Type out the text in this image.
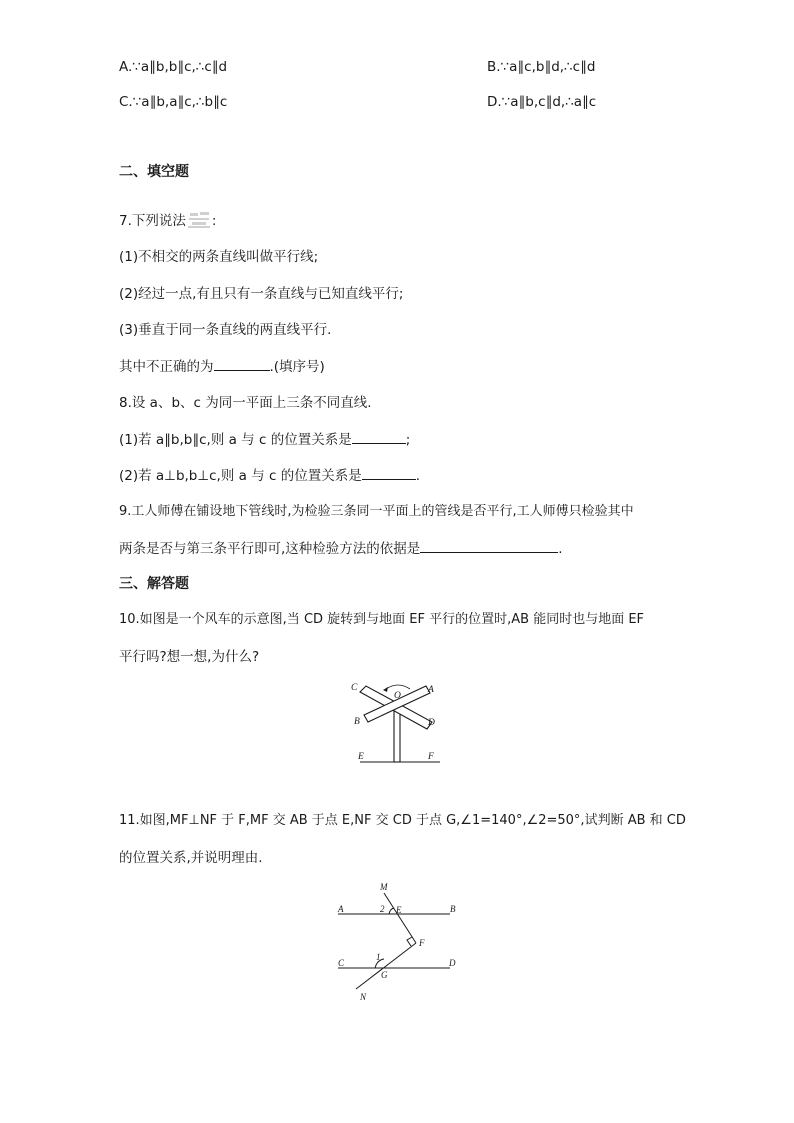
A.∵a∥b,b∥c,∴c∥d	B.∵a∥c,b∥d,∴c∥d
C.∵a∥b,a∥c,∴b∥c	D.∵a∥b,c∥d,∴a∥c
二、填空题
7.下列说法 :
(1)不相交的两条直线叫做平行线;
(2)经过一点,有且只有一条直线与已知直线平行;
(3)垂直于同一条直线的两直线平行.
其中不正确的为	.(填序号)
8.设 a、b、c 为同一平面上三条不同直线.
(1)若 a∥b,b∥c,则 a 与 c 的位置关系是	;
(2)若 a⊥b,b⊥c,则 a 与 c 的位置关系是	.
9.工人师傅在铺设地下管线时,为检验三条同一平面上的管线是否平行,工人师傅只检验其中
两条是否与第三条平行即可,这种检验方法的依据是	.
三、解答题
10.如图是一个风车的示意图,当 CD 旋转到与地面 EF 平行的位置时,AB 能同时也与地面 EF
平行吗?想一想,为什么?
C
O
A
B	D
E	F
11.如图,MF⊥NF 于 F,MF 交 AB 于点 E,NF 交 CD 于点 G,∠1=140°,∠2=50°,试判断 AB 和 CD
的位置关系,并说明理由.
M
A	2 E	B
F
C
1
G
D
N
